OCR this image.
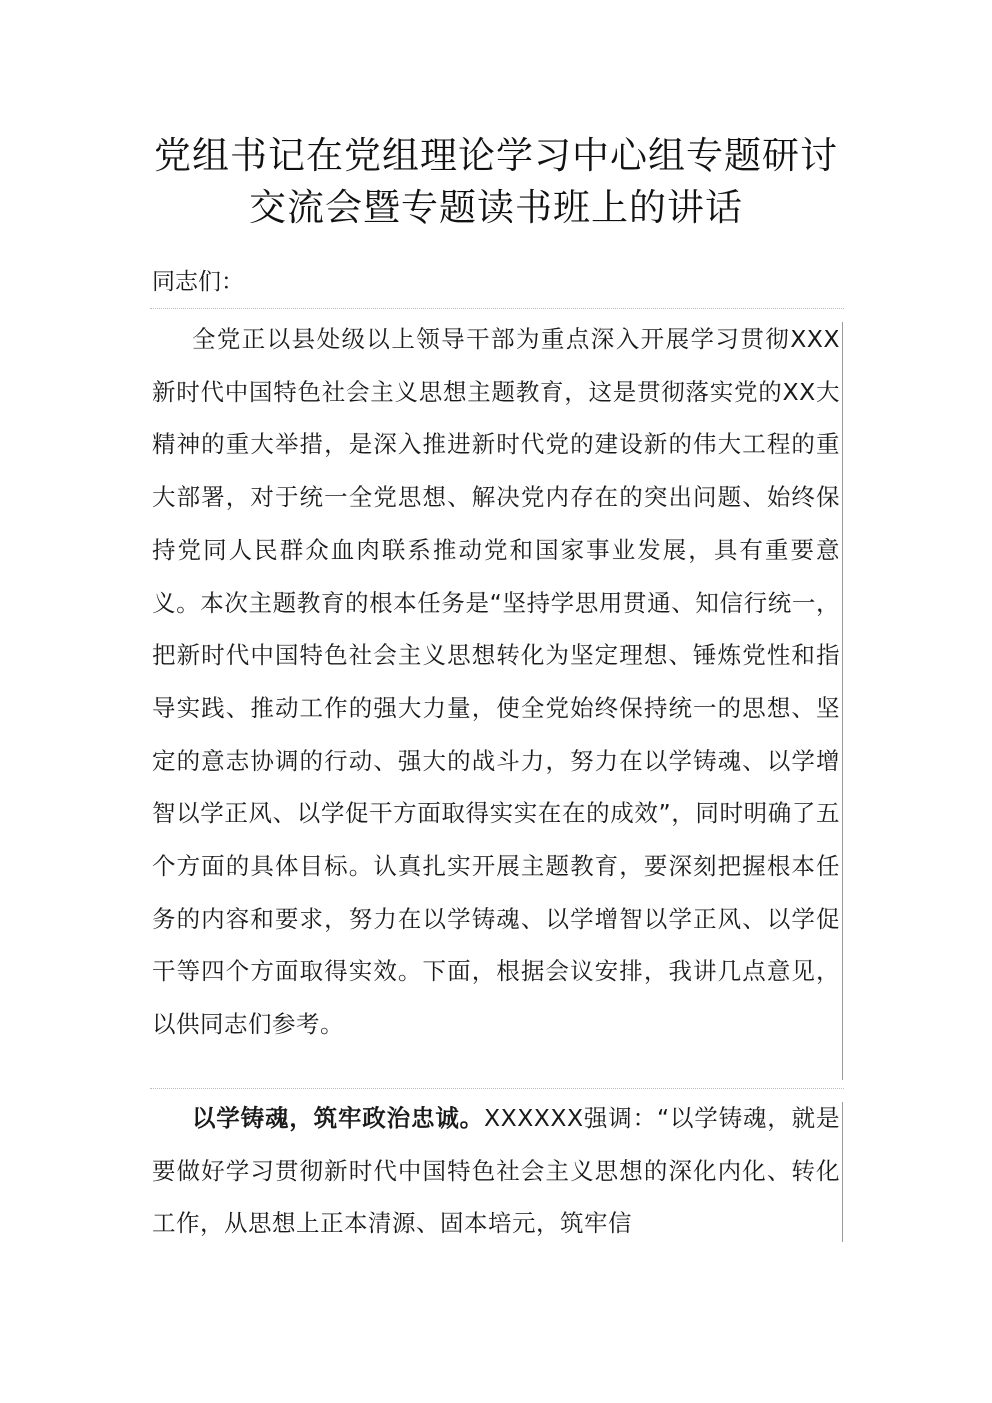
党组书记在党组理论学习中心组专题研讨
交流会暨专题读书班上的讲话
同志们：
全党正以县处级以上领导干部为重点深入开展学习贯彻XXX新时代中国特色社会主义思想主题教育，这是贯彻落实党的XX大精神的重大举措，是深入推进新时代党的建设新的伟大工程的重大部署，对于统一全党思想、解决党内存在的突出问题、始终保持党同人民群众血肉联系推动党和国家事业发展，具有重要意义。本次主题教育的根本任务是“坚持学思用贯通、知信行统一，把新时代中国特色社会主义思想转化为坚定理想、锤炼党性和指导实践、推动工作的强大力量，使全党始终保持统一的思想、坚定的意志协调的行动、强大的战斗力，努力在以学铸魂、以学增智以学正风、以学促干方面取得实实在在的成效”，同时明确了五个方面的具体目标。认真扎实开展主题教育，要深刻把握根本任务的内容和要求，努力在以学铸魂、以学增智以学正风、以学促干等四个方面取得实效。下面，根据会议安排，我讲几点意见，以供同志们参考。
以学铸魂，筑牢政治忠诚。XXXXXX强调：“以学铸魂，就是要做好学习贯彻新时代中国特色社会主义思想的深化内化、转化工作，从思想上正本清源、固本培元，筑牢信
